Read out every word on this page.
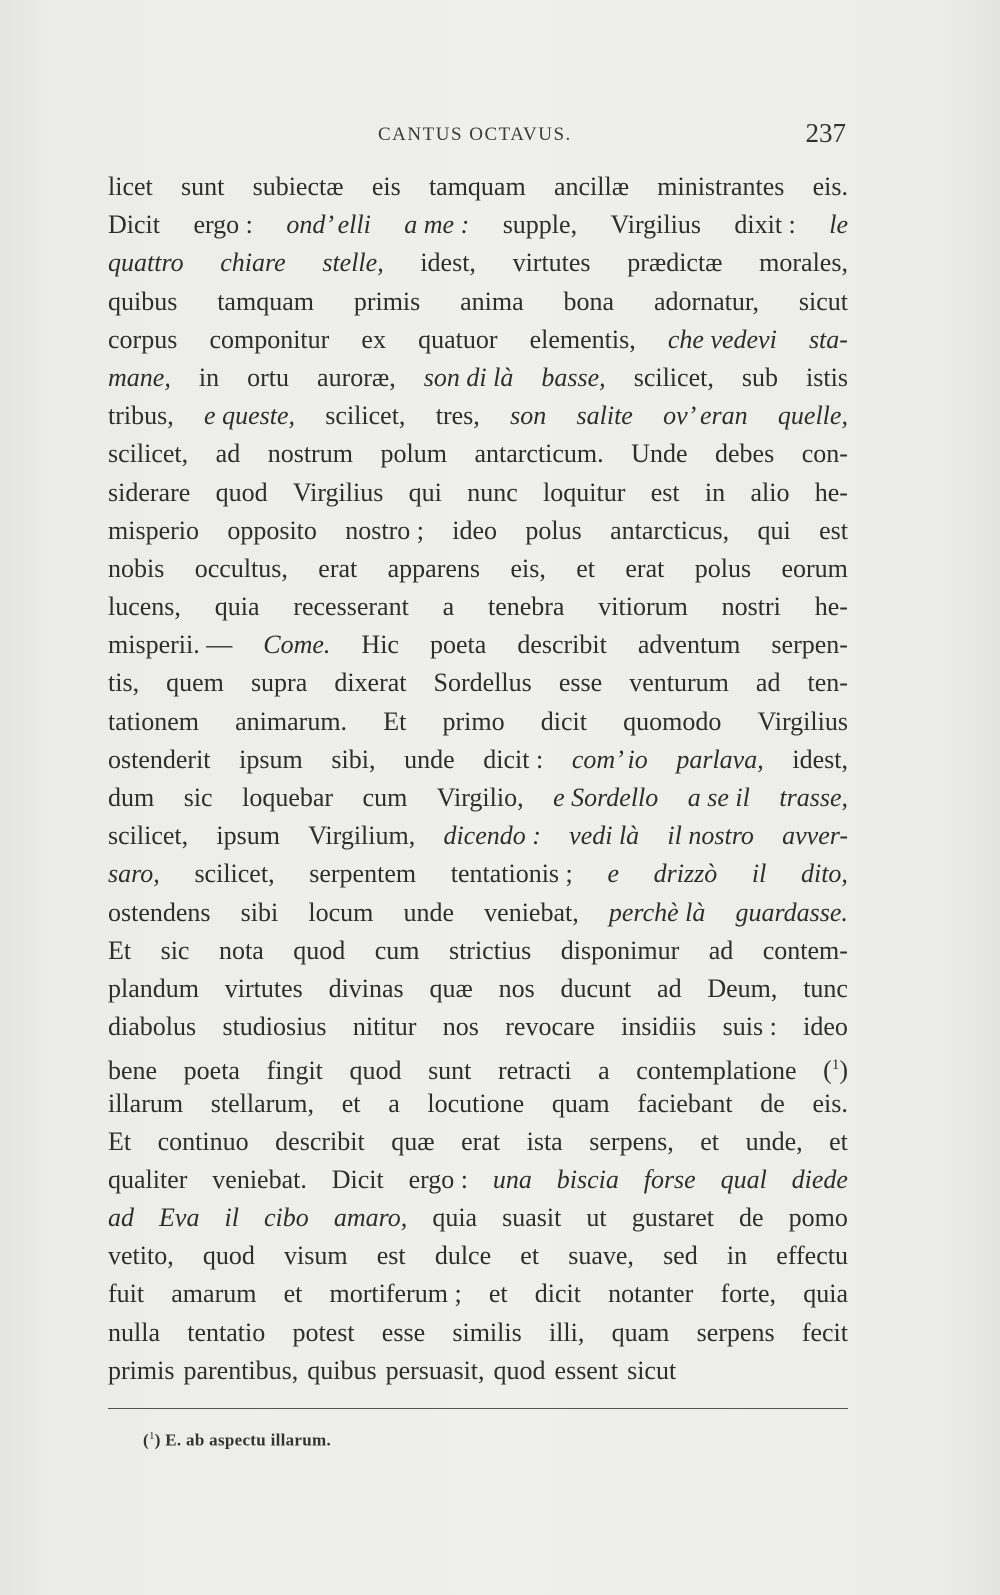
CANTUS OCTAVUS.	237
licet sunt subiectæ eis tamquam ancillæ ministrantes eis.
Dicit ergo : ond’ elli a me : supple, Virgilius dixit : le
quattro chiare stelle, idest, virtutes prædictæ morales,
quibus tamquam primis anima bona adornatur, sicut
corpus componitur ex quatuor elementis, che vedevi sta-
mane, in ortu auroræ, son di là basse, scilicet, sub istis
tribus, e queste, scilicet, tres, son salite ov’ eran quelle,
scilicet, ad nostrum polum antarcticum. Unde debes con-
siderare quod Virgilius qui nunc loquitur est in alio he-
misperio opposito nostro ; ideo polus antarcticus, qui est
nobis occultus, erat apparens eis, et erat polus eorum
lucens, quia recesserant a tenebra vitiorum nostri he-
misperii. — Come. Hic poeta describit adventum serpen-
tis, quem supra dixerat Sordellus esse venturum ad ten-
tationem animarum. Et primo dicit quomodo Virgilius
ostenderit ipsum sibi, unde dicit : com’ io parlava, idest,
dum sic loquebar cum Virgilio, e Sordello a se il trasse,
scilicet, ipsum Virgilium, dicendo : vedi là il nostro avver-
saro, scilicet, serpentem tentationis ; e drizzò il dito,
ostendens sibi locum unde veniebat, perchè là guardasse.
Et sic nota quod cum strictius disponimur ad contem-
plandum virtutes divinas quæ nos ducunt ad Deum, tunc
diabolus studiosius nititur nos revocare insidiis suis : ideo
bene poeta fingit quod sunt retracti a contemplatione ($^1$)
illarum stellarum, et a locutione quam faciebant de eis.
Et continuo describit quæ erat ista serpens, et unde, et
qualiter veniebat. Dicit ergo : una biscia forse qual diede
ad Eva il cibo amaro, quia suasit ut gustaret de pomo
vetito, quod visum est dulce et suave, sed in effectu
fuit amarum et mortiferum ; et dicit notanter forte, quia
nulla tentatio potest esse similis illi, quam serpens fecit
primis parentibus, quibus persuasit, quod essent sicut
($^1$) E. ab aspectu illarum.
